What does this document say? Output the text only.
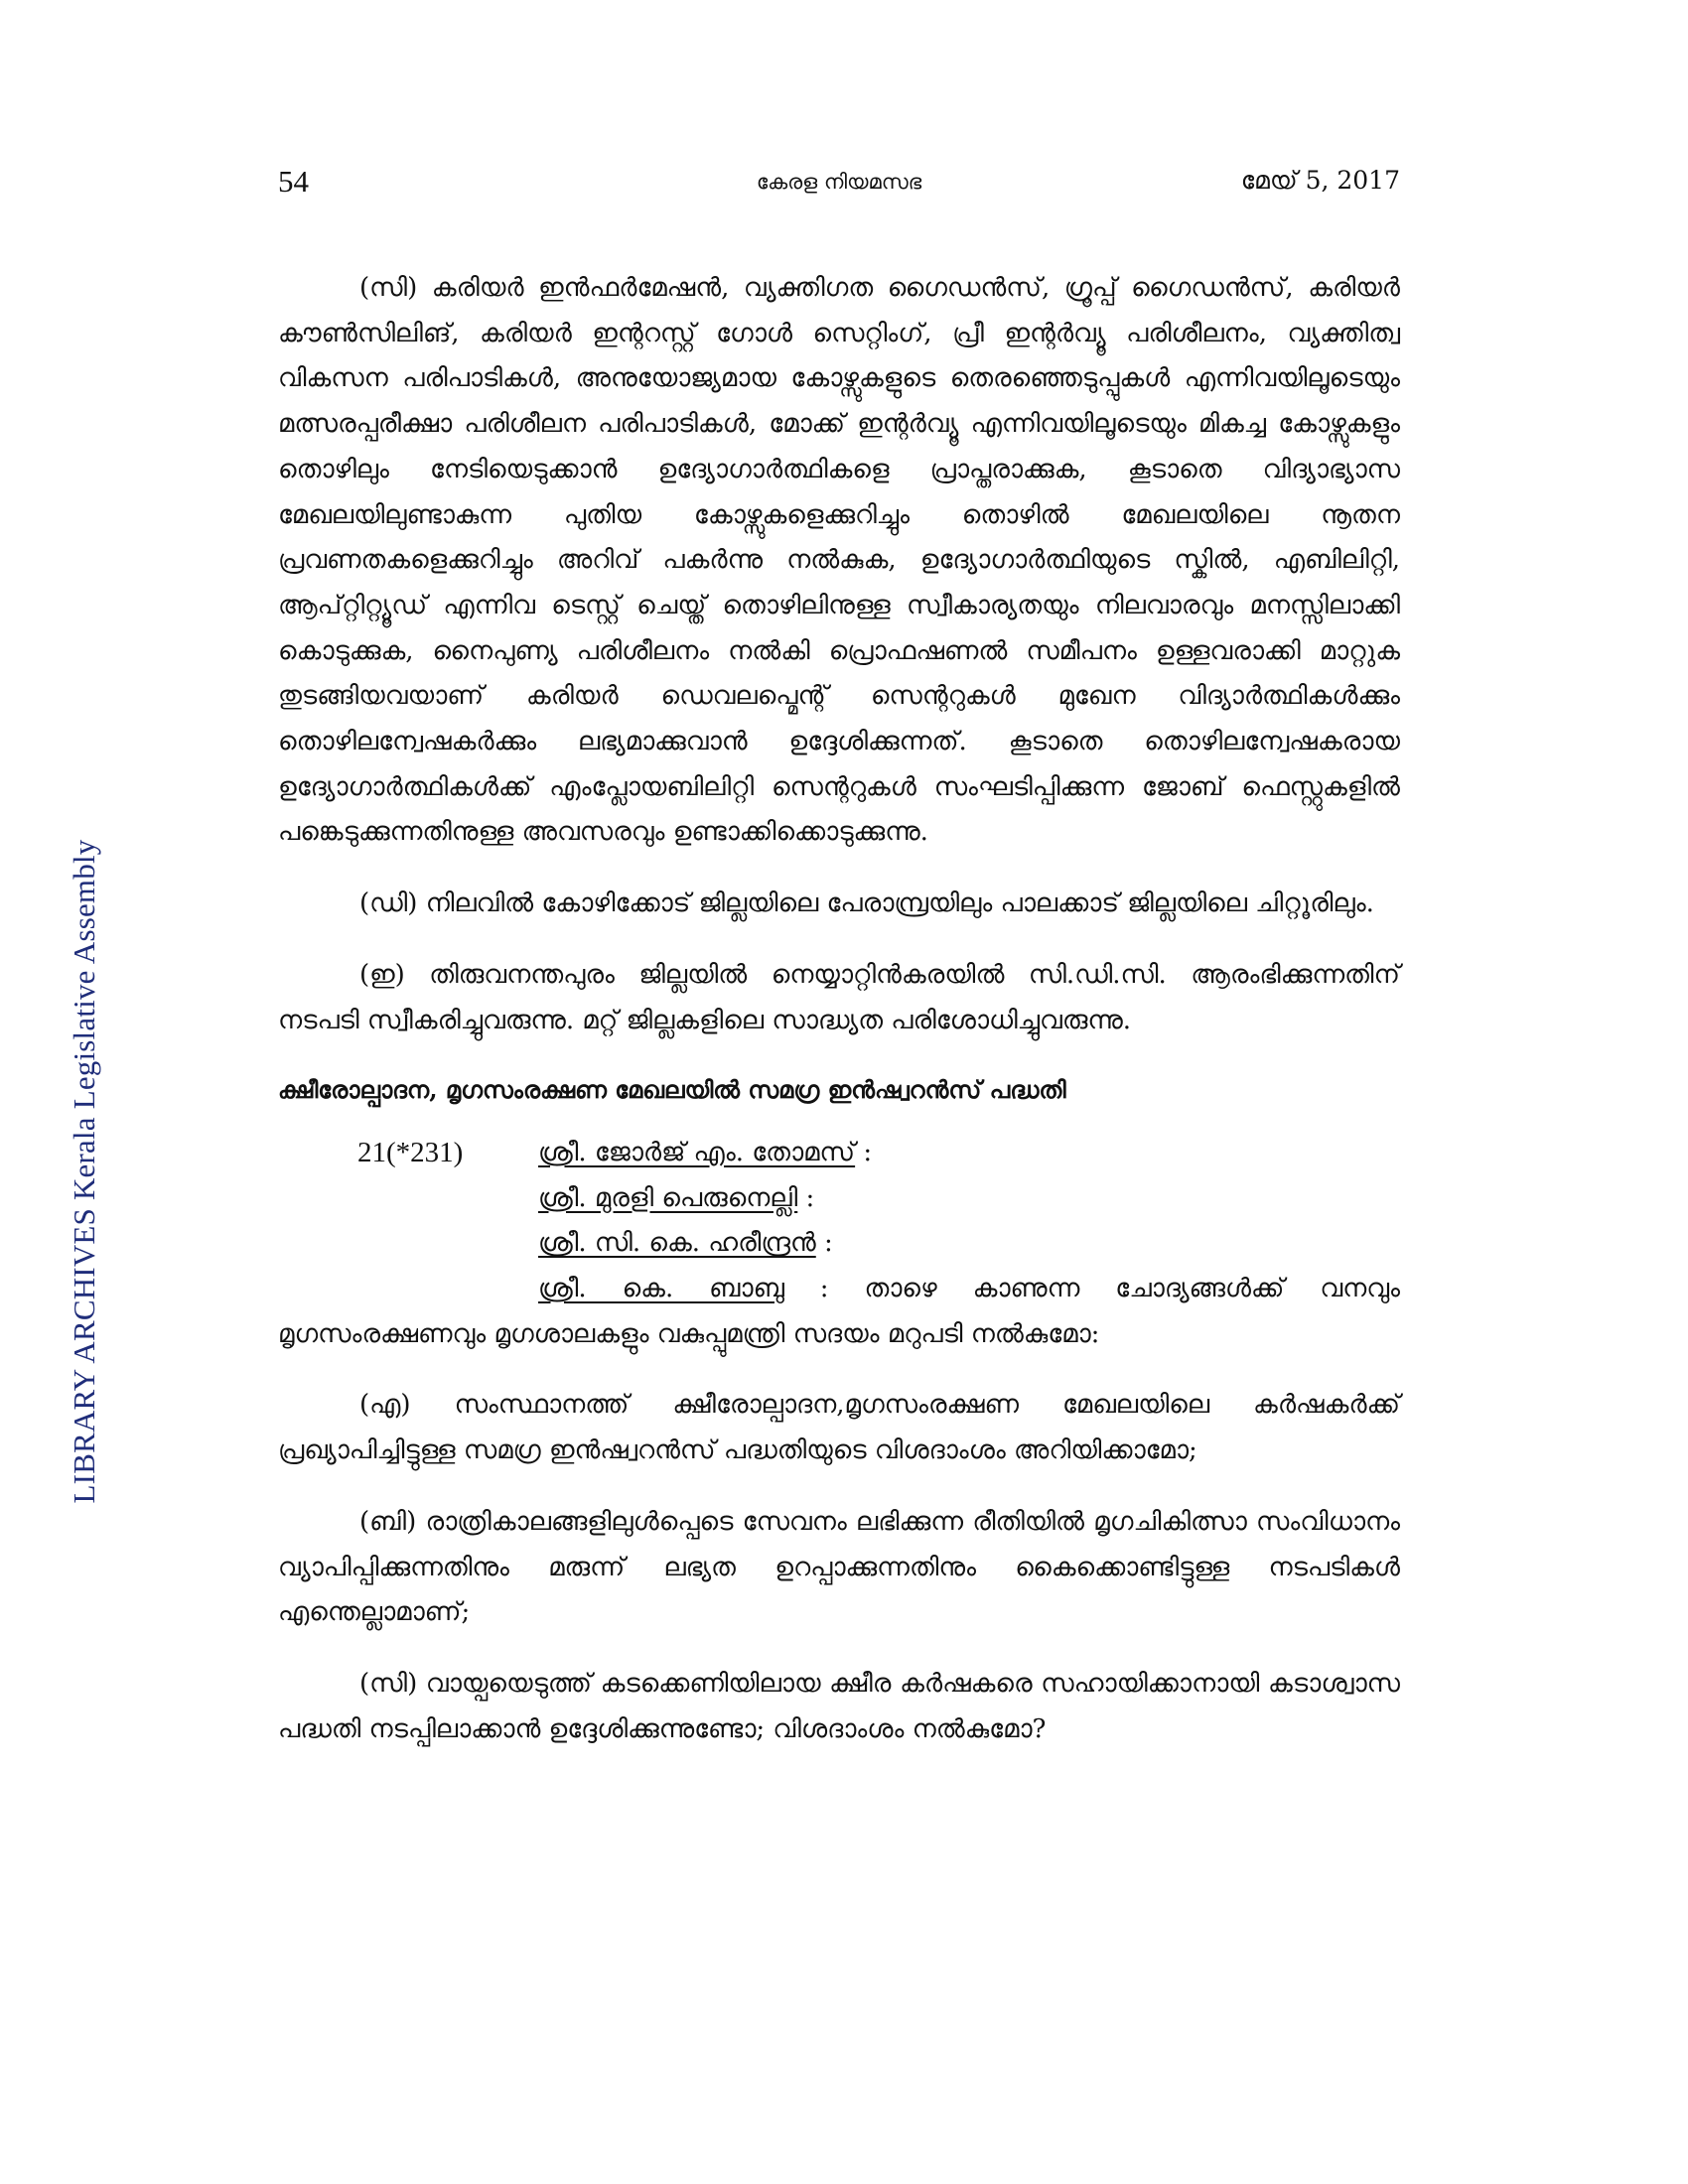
LIBRARY ARCHIVES Kerala Legislative Assembly
54	കേരള നിയമസഭ	മേയ് 5, 2017

(സി) കരിയർ ഇൻഫർമേഷൻ, വ്യക്തിഗത ഗൈഡൻസ്, ഗ്രൂപ്പ് ഗൈഡൻസ്, കരിയർ കൗൺസിലിങ്, കരിയർ ഇന്ററസ്റ്റ് ഗോൾ സെറ്റിംഗ്, പ്രീ ഇന്റർവ്യൂ പരിശീലനം, വ്യക്തിത്വ വികസന പരിപാടികൾ, അനുയോജ്യമായ കോഴ്സുകളുടെ തെരഞ്ഞെടുപ്പുകൾ എന്നിവയിലൂടെയും മത്സരപ്പരീക്ഷാ പരിശീലന പരിപാടികൾ, മോക്ക് ഇന്റർവ്യൂ എന്നിവയിലൂടെയും മികച്ച കോഴ്സുകളും തൊഴിലും നേടിയെടുക്കാൻ ഉദ്യോഗാർത്ഥികളെ പ്രാപ്തരാക്കുക, കൂടാതെ വിദ്യാഭ്യാസ മേഖലയിലുണ്ടാകുന്ന പുതിയ കോഴ്സുകളെക്കുറിച്ചും തൊഴിൽ മേഖലയിലെ നൂതന പ്രവണതകളെക്കുറിച്ചും അറിവ് പകർന്നു നൽകുക, ഉദ്യോഗാർത്ഥിയുടെ സ്കിൽ, എബിലിറ്റി, ആപ്റ്റിറ്റ്യൂഡ് എന്നിവ ടെസ്റ്റ് ചെയ്ത് തൊഴിലിനുള്ള സ്വീകാര്യതയും നിലവാരവും മനസ്സിലാക്കി കൊടുക്കുക, നൈപുണ്യ പരിശീലനം നൽകി പ്രൊഫഷണൽ സമീപനം ഉള്ളവരാക്കി മാറ്റുക തുടങ്ങിയവയാണ് കരിയർ ഡെവലപ്മെന്റ് സെന്ററുകൾ മുഖേന വിദ്യാർത്ഥികൾക്കും തൊഴിലന്വേഷകർക്കും ലഭ്യമാക്കുവാൻ ഉദ്ദേശിക്കുന്നത്. കൂടാതെ തൊഴിലന്വേഷകരായ ഉദ്യോഗാർത്ഥികൾക്ക് എംപ്ലോയബിലിറ്റി സെന്ററുകൾ സംഘടിപ്പിക്കുന്ന ജോബ് ഫെസ്റ്റുകളിൽ പങ്കെടുക്കുന്നതിനുള്ള അവസരവും ഉണ്ടാക്കിക്കൊടുക്കുന്നു.

(ഡി) നിലവിൽ കോഴിക്കോട് ജില്ലയിലെ പേരാമ്പ്രയിലും പാലക്കാട് ജില്ലയിലെ ചിറ്റൂരിലും.

(ഇ) തിരുവനന്തപുരം ജില്ലയിൽ നെയ്യാറ്റിൻകരയിൽ സി.ഡി.സി. ആരംഭിക്കുന്നതിന് നടപടി സ്വീകരിച്ചുവരുന്നു. മറ്റ് ജില്ലകളിലെ സാദ്ധ്യത പരിശോധിച്ചുവരുന്നു.

ക്ഷീരോല്പാദന, മൃഗസംരക്ഷണ മേഖലയിൽ സമഗ്ര ഇൻഷ്വറൻസ് പദ്ധതി

21(*231)	ശ്രീ. ജോർജ് എം. തോമസ് :
ശ്രീ. മുരളി പെരുനെല്ലി :
ശ്രീ. സി. കെ. ഹരീന്ദ്രൻ :

ശ്രീ. കെ. ബാബു : താഴെ കാണുന്ന ചോദ്യങ്ങൾക്ക് വനവും മൃഗസംരക്ഷണവും മൃഗശാലകളും വകുപ്പുമന്ത്രി സദയം മറുപടി നൽകുമോ:

(എ) സംസ്ഥാനത്ത് ക്ഷീരോല്പാദന,മൃഗസംരക്ഷണ മേഖലയിലെ കർഷകർക്ക് പ്രഖ്യാപിച്ചിട്ടുള്ള സമഗ്ര ഇൻഷ്വറൻസ് പദ്ധതിയുടെ വിശദാംശം അറിയിക്കാമോ;

(ബി) രാത്രികാലങ്ങളിലുൾപ്പെടെ സേവനം ലഭിക്കുന്ന രീതിയിൽ മൃഗചികിത്സാ സംവിധാനം വ്യാപിപ്പിക്കുന്നതിനും മരുന്ന് ലഭ്യത ഉറപ്പാക്കുന്നതിനും കൈക്കൊണ്ടിട്ടുള്ള നടപടികൾ എന്തെല്ലാമാണ്;

(സി) വായ്പയെടുത്ത് കടക്കെണിയിലായ ക്ഷീര കർഷകരെ സഹായിക്കാനായി കടാശ്വാസ പദ്ധതി നടപ്പിലാക്കാൻ ഉദ്ദേശിക്കുന്നുണ്ടോ; വിശദാംശം നൽകുമോ?
